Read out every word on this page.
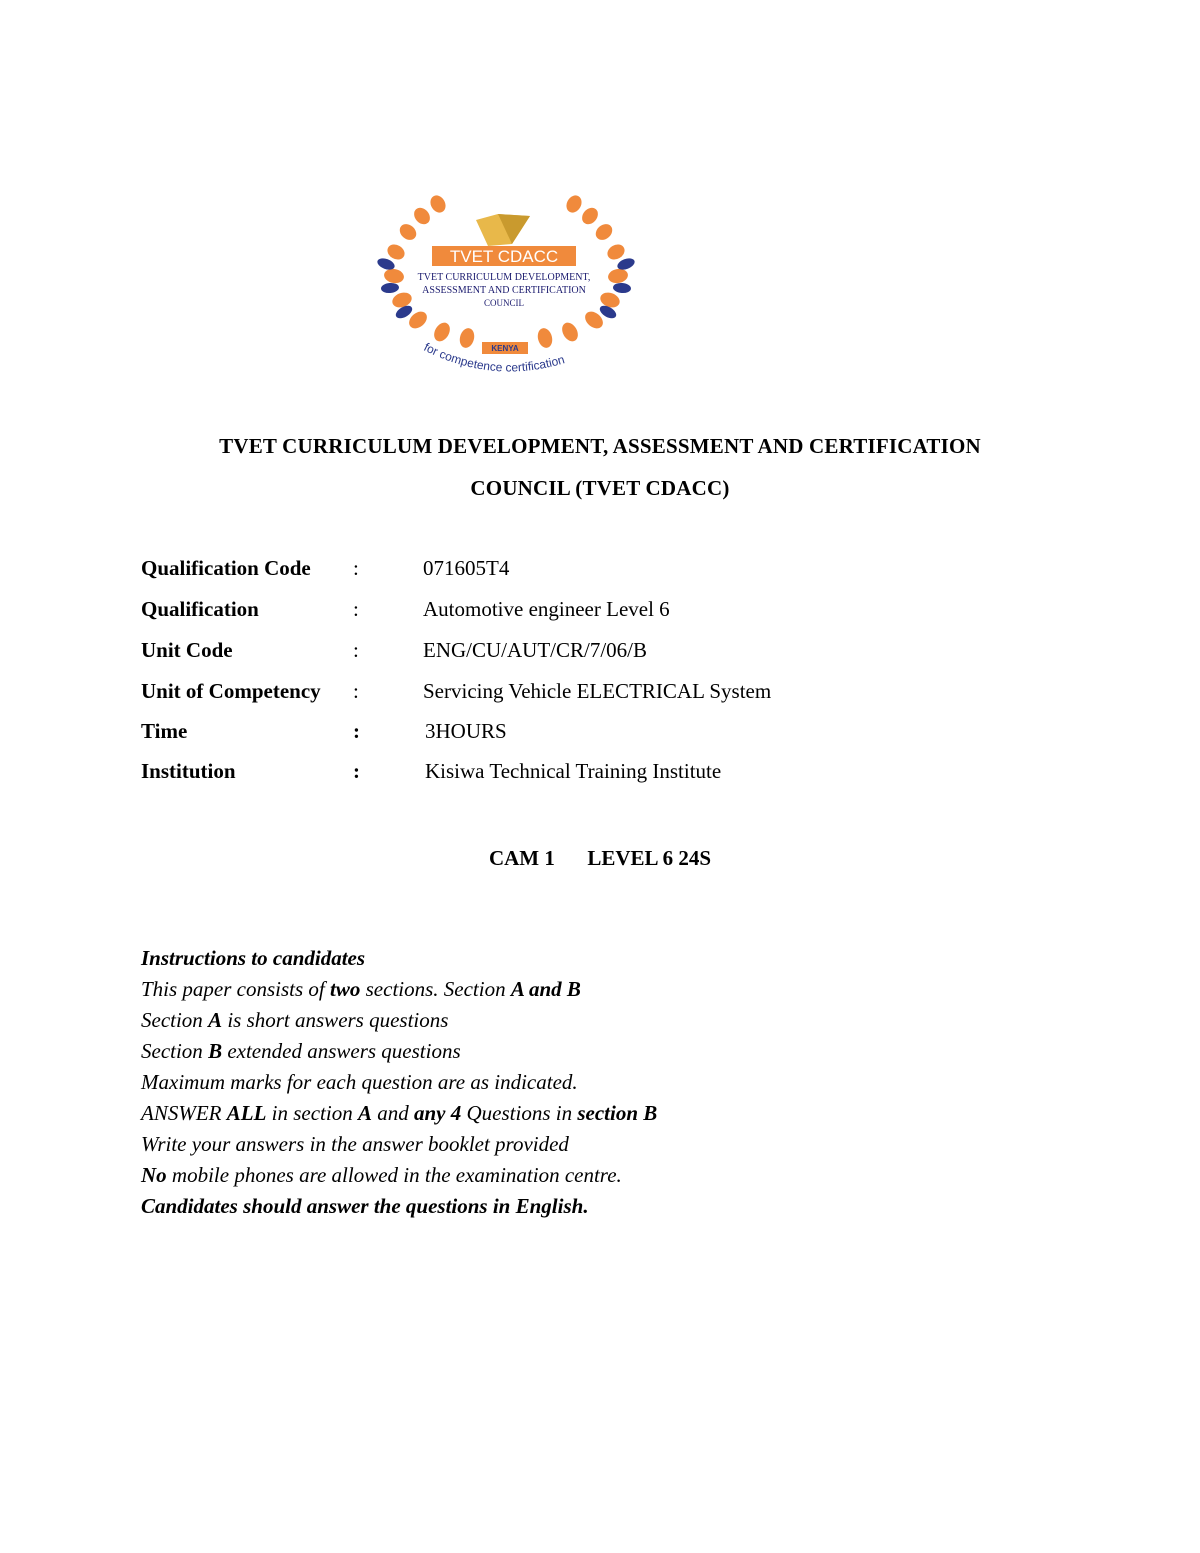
TVET CDACC
TVET CURRICULUM DEVELOPMENT,
ASSESSMENT AND CERTIFICATION
COUNCIL
KENYA
for competence certification
TVET CURRICULUM DEVELOPMENT, ASSESSMENT AND CERTIFICATION
COUNCIL (TVET CDACC)
Qualification Code :	071605T4
Qualification	:	Automotive engineer Level 6
Unit Code	:	ENG/CU/AUT/CR/7/06/B
Unit of Competency :	Servicing Vehicle ELECTRICAL System
Time	:	3HOURS
Institution	:	Kisiwa Technical Training Institute
CAM 1 LEVEL 6 24S
Instructions to candidates
This paper consists of two sections. Section A and B
Section A is short answers questions
Section B extended answers questions
Maximum marks for each question are as indicated.
ANSWER ALL in section A and any 4 Questions in section B
Write your answers in the answer booklet provided
No mobile phones are allowed in the examination centre.
Candidates should answer the questions in English.
